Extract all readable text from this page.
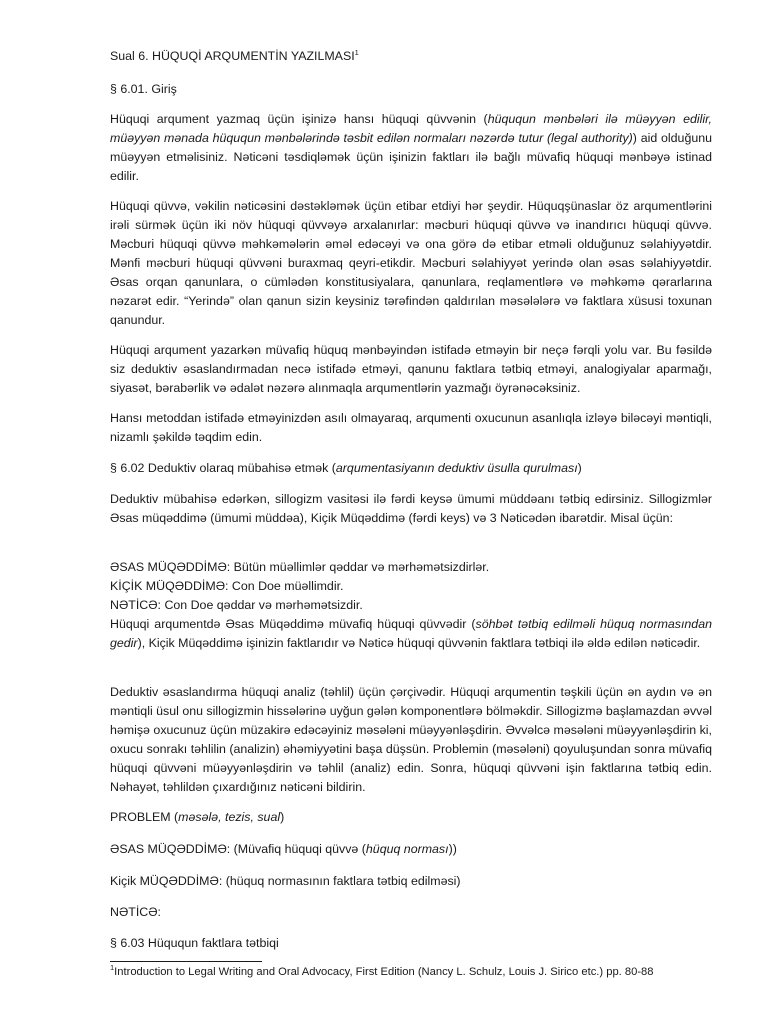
Sual 6. HÜQUQİ ARQUMENTİN YAZILMASI$^1$

§ 6.01. Giriş

Hüquqi arqument yazmaq üçün işinizə hansı hüquqi qüvvənin (hüququn mənbələri ilə müəyyən edilir, müəyyən mənada hüququn mənbələrində təsbit edilən normaları nəzərdə tutur (legal authority)) aid olduğunu müəyyən etməlisiniz. Nəticəni təsdiqləmək üçün işinizin faktları ilə bağlı müvafiq hüquqi mənbəyə istinad edilir.

Hüquqi qüvvə, vəkilin nəticəsini dəstəkləmək üçün etibar etdiyi hər şeydir. Hüquqşünaslar öz arqumentlərini irəli sürmək üçün iki növ hüquqi qüvvəyə arxalanırlar: məcburi hüquqi qüvvə və inandırıcı hüquqi qüvvə. Məcburi hüquqi qüvvə məhkəmələrin əməl edəcəyi və ona görə də etibar etməli olduğunuz səlahiyyətdir. Mənfi məcburi hüquqi qüvvəni buraxmaq qeyri-etikdir. Məcburi səlahiyyət yerində olan əsas səlahiyyətdir. Əsas orqan qanunlara, o cümlədən konstitusiyalara, qanunlara, reqlamentlərə və məhkəmə qərarlarına nəzarət edir. “Yerində” olan qanun sizin keysiniz tərəfindən qaldırılan məsələlərə və faktlara xüsusi toxunan qanundur.

Hüquqi arqument yazarkən müvafiq hüquq mənbəyindən istifadə etməyin bir neçə fərqli yolu var. Bu fəsildə siz deduktiv əsaslandırmadan necə istifadə etməyi, qanunu faktlara tətbiq etməyi, analogiyalar aparmağı, siyasət, bərabərlik və ədalət nəzərə alınmaqla arqumentlərin yazmağı öyrənəcəksiniz.

Hansı metoddan istifadə etməyinizdən asılı olmayaraq, arqumenti oxucunun asanlıqla izləyə biləcəyi məntiqli, nizamlı şəkildə təqdim edin.

§ 6.02 Deduktiv olaraq mübahisə etmək (arqumentasiyanın deduktiv üsulla qurulması)

Deduktiv mübahisə edərkən, sillogizm vasitəsi ilə fərdi keysə ümumi müddəanı tətbiq edirsiniz. Sillogizmlər Əsas müqəddimə (ümumi müddəa), Kiçik Müqəddimə (fərdi keys) və 3 Nəticədən ibarətdir. Misal üçün:

ƏSAS MÜQƏDDİMƏ: Bütün müəllimlər qəddar və mərhəmətsizdirlər.

KİÇİK MÜQƏDDİMƏ: Con Doe müəllimdir.

NƏTİCƏ: Con Doe qəddar və mərhəmətsizdir.

Hüquqi arqumentdə Əsas Müqəddimə müvafiq hüquqi qüvvədir (söhbət tətbiq edilməli hüquq normasından gedir), Kiçik Müqəddimə işinizin faktlarıdır və Nəticə hüquqi qüvvənin faktlara tətbiqi ilə əldə edilən nəticədir.

Deduktiv əsaslandırma hüquqi analiz (təhlil) üçün çərçivədir. Hüquqi arqumentin təşkili üçün ən aydın və ən məntiqli üsul onu sillogizmin hissələrinə uyğun gələn komponentlərə bölməkdir. Sillogizmə başlamazdan əvvəl həmişə oxucunuz üçün müzakirə edəcəyiniz məsələni müəyyənləşdirin. Əvvəlcə məsələni müəyyənləşdirin ki, oxucu sonrakı təhlilin (analizin) əhəmiyyətini başa düşsün. Problemin (məsələni) qoyuluşundan sonra müvafiq hüquqi qüvvəni müəyyənləşdirin və təhlil (analiz) edin. Sonra, hüquqi qüvvəni işin faktlarına tətbiq edin. Nəhayət, təhlildən çıxardığınız nəticəni bildirin.

PROBLEM (məsələ, tezis, sual)

ƏSAS MÜQƏDDİMƏ: (Müvafiq hüquqi qüvvə (hüquq norması))

Kiçik MÜQƏDDİMƏ: (hüquq normasının faktlara tətbiq edilməsi)

NƏTİCƏ:

§ 6.03 Hüququn faktlara tətbiqi

$^1$Introduction to Legal Writing and Oral Advocacy, First Edition (Nancy L. Schulz, Louis J. Sirico etc.) pp. 80-88
